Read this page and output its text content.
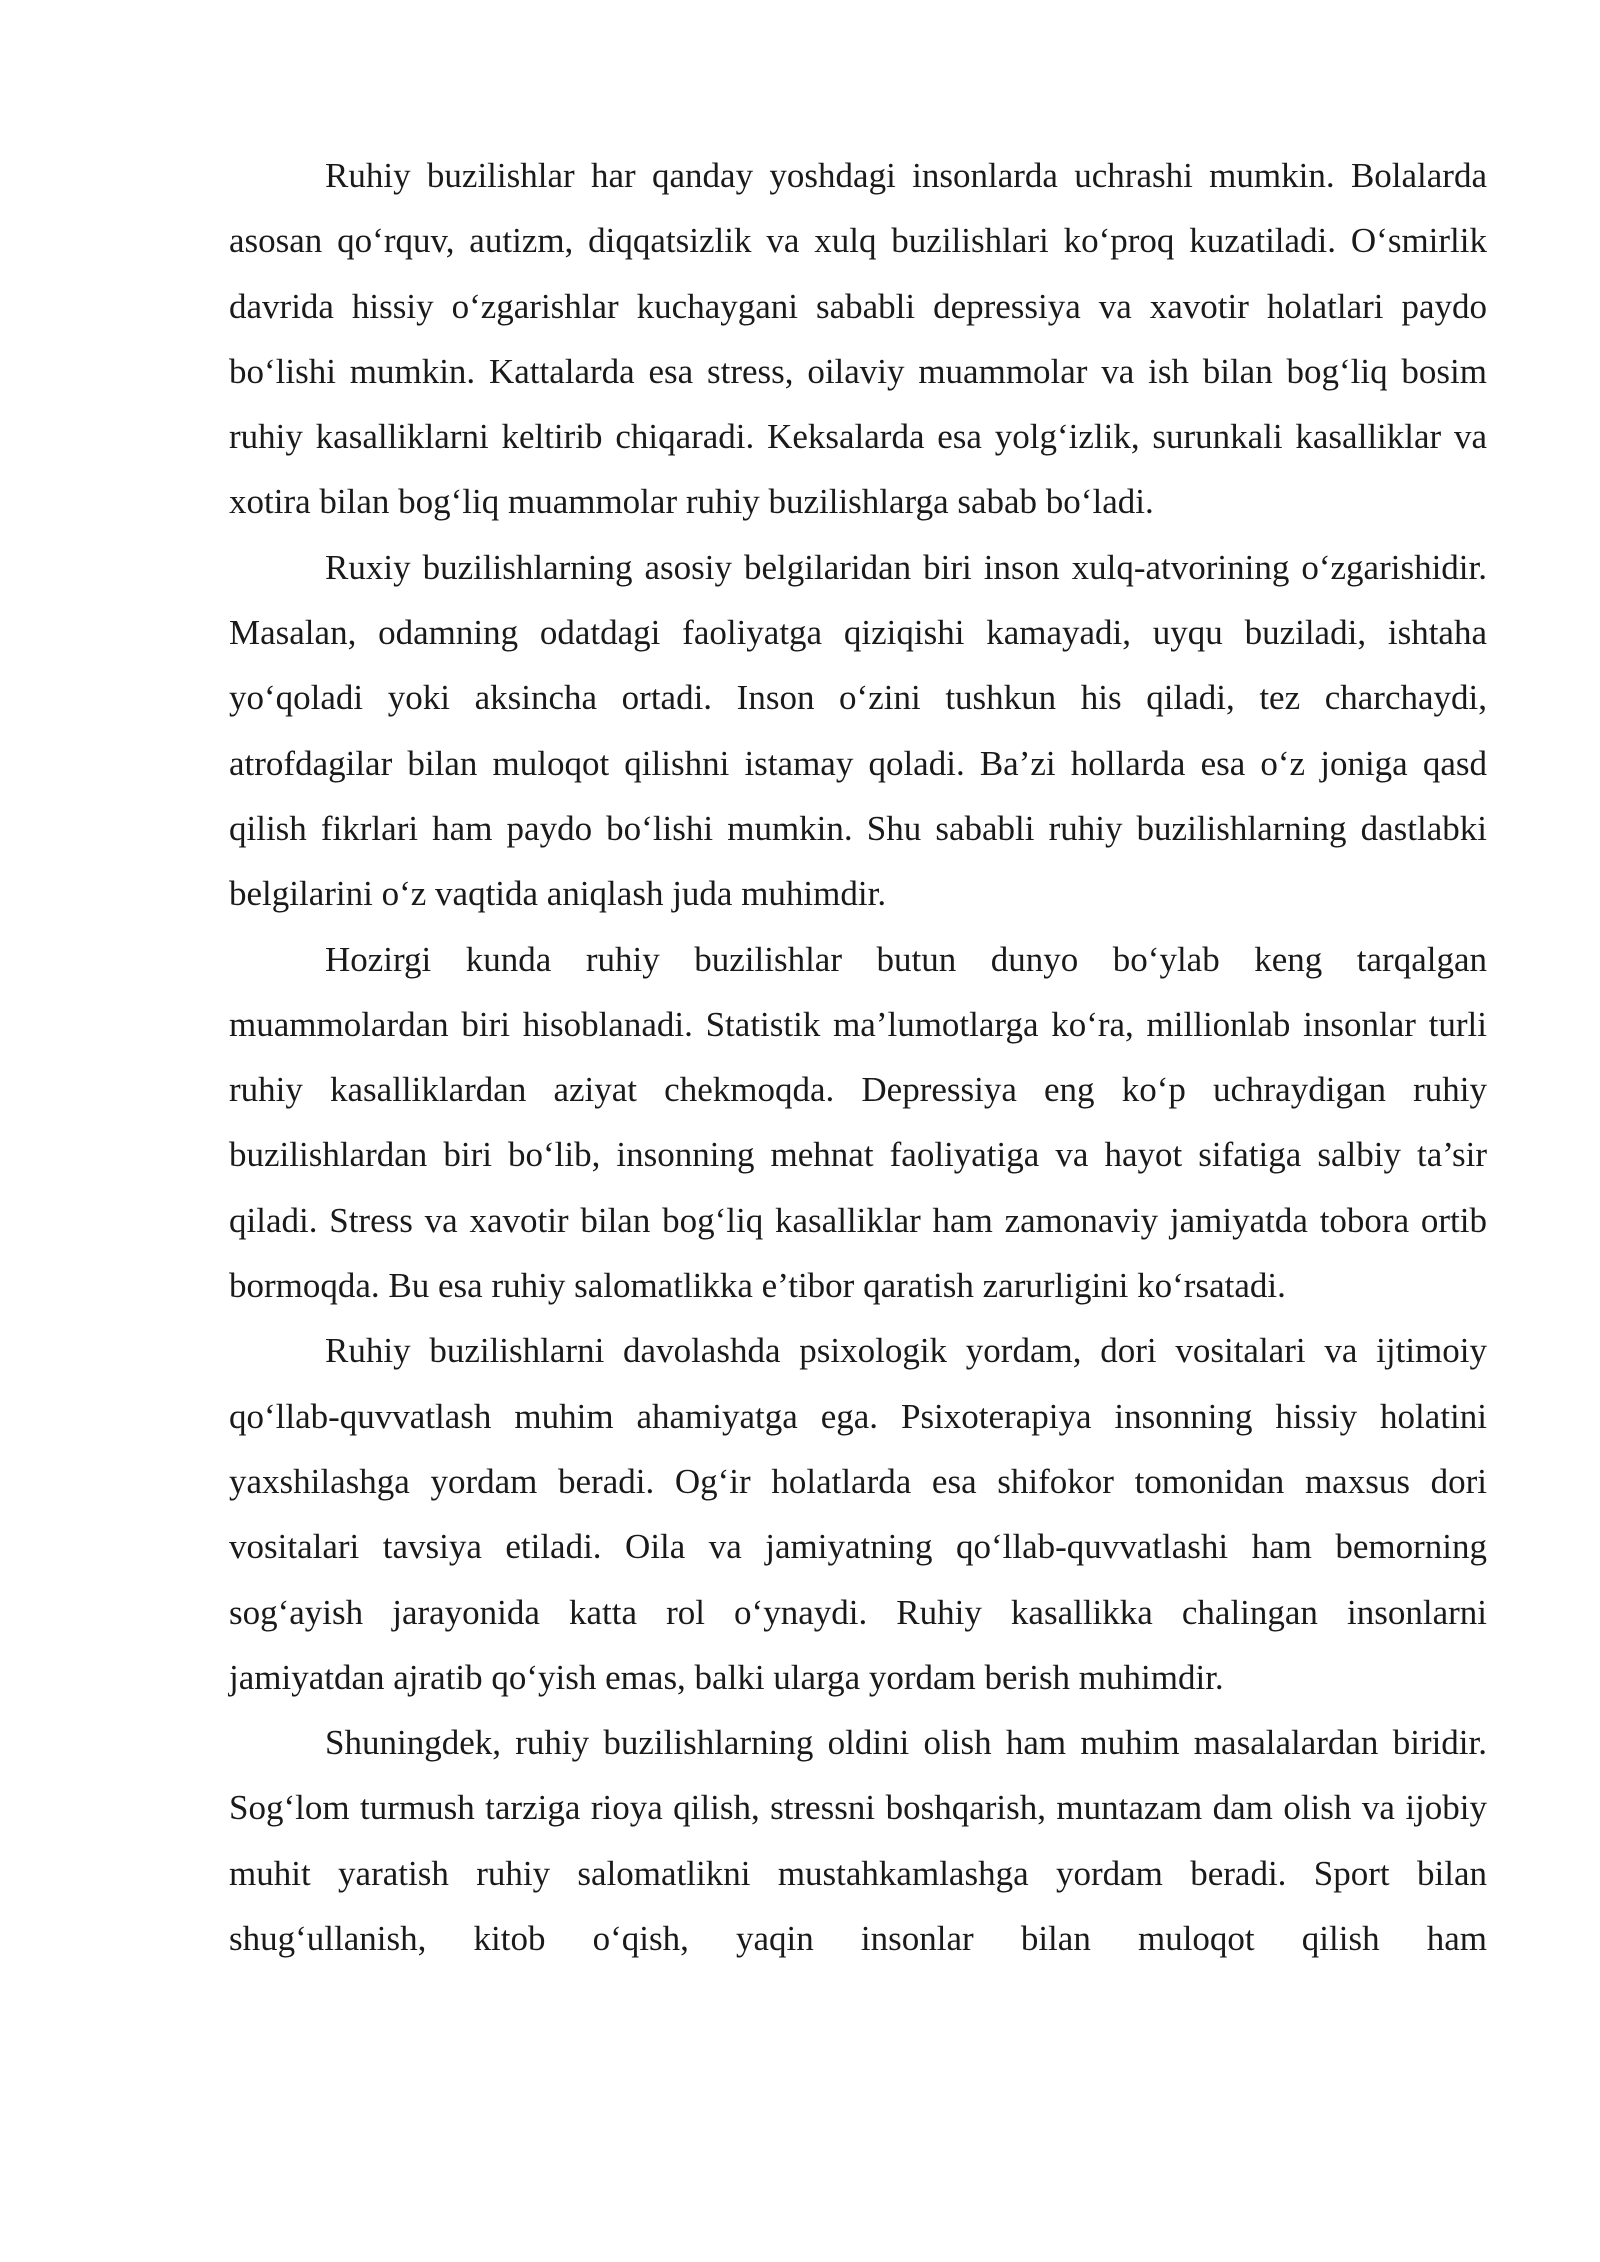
Ruhiy buzilishlar har qanday yoshdagi insonlarda uchrashi mumkin. Bolalarda asosan qo‘rquv, autizm, diqqatsizlik va xulq buzilishlari ko‘proq kuzatiladi. O‘smirlik davrida hissiy o‘zgarishlar kuchaygani sababli depressiya va xavotir holatlari paydo bo‘lishi mumkin. Kattalarda esa stress, oilaviy muammolar va ish bilan bog‘liq bosim ruhiy kasalliklarni keltirib chiqaradi. Keksalarda esa yolg‘izlik, surunkali kasalliklar va xotira bilan bog‘liq muammolar ruhiy buzilishlarga sabab bo‘ladi.

Ruxiy buzilishlarning asosiy belgilaridan biri inson xulq-atvorining o‘zgarishidir. Masalan, odamning odatdagi faoliyatga qiziqishi kamayadi, uyqu buziladi, ishtaha yo‘qoladi yoki aksincha ortadi. Inson o‘zini tushkun his qiladi, tez charchaydi, atrofdagilar bilan muloqot qilishni istamay qoladi. Ba’zi hollarda esa o‘z joniga qasd qilish fikrlari ham paydo bo‘lishi mumkin. Shu sababli ruhiy buzilishlarning dastlabki belgilarini o‘z vaqtida aniqlash juda muhimdir.

Hozirgi kunda ruhiy buzilishlar butun dunyo bo‘ylab keng tarqalgan muammolardan biri hisoblanadi. Statistik ma’lumotlarga ko‘ra, millionlab insonlar turli ruhiy kasalliklardan aziyat chekmoqda. Depressiya eng ko‘p uchraydigan ruhiy buzilishlardan biri bo‘lib, insonning mehnat faoliyatiga va hayot sifatiga salbiy ta’sir qiladi. Stress va xavotir bilan bog‘liq kasalliklar ham zamonaviy jamiyatda tobora ortib bormoqda. Bu esa ruhiy salomatlikka e’tibor qaratish zarurligini ko‘rsatadi.

Ruhiy buzilishlarni davolashda psixologik yordam, dori vositalari va ijtimoiy qo‘llab-quvvatlash muhim ahamiyatga ega. Psixoterapiya insonning hissiy holatini yaxshilashga yordam beradi. Og‘ir holatlarda esa shifokor tomonidan maxsus dori vositalari tavsiya etiladi. Oila va jamiyatning qo‘llab-quvvatlashi ham bemorning sog‘ayish jarayonida katta rol o‘ynaydi. Ruhiy kasallikka chalingan insonlarni jamiyatdan ajratib qo‘yish emas, balki ularga yordam berish muhimdir.

Shuningdek, ruhiy buzilishlarning oldini olish ham muhim masalalardan biridir. Sog‘lom turmush tarziga rioya qilish, stressni boshqarish, muntazam dam olish va ijobiy muhit yaratish ruhiy salomatlikni mustahkamlashga yordam beradi. Sport bilan shug‘ullanish, kitob o‘qish, yaqin insonlar bilan muloqot qilish ham
